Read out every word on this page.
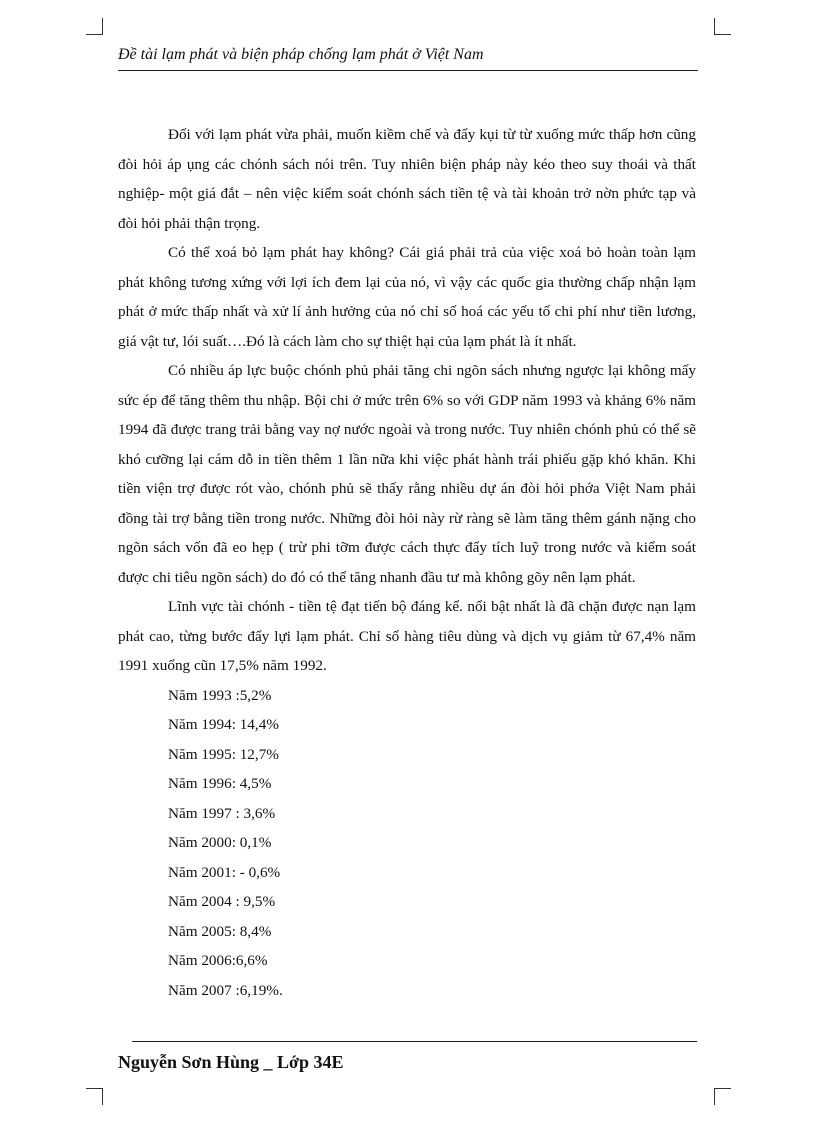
Đề tài lạm phát và biện pháp chống lạm phát ở Việt Nam

Đối với lạm phát vừa phải, muốn kiềm chế và đẩy kụi từ từ xuống mức thấp hơn cũng đòi hỏi áp ụng các chónh sách nói trên. Tuy nhiên biện pháp này kéo theo suy thoái và thất nghiệp- một giá đắt – nên việc kiểm soát chónh sách tiền tệ và tài khoản trở nờn phức tạp và đòi hỏi phải thận trọng.

Có thể xoá bỏ lạm phát hay không? Cái giá phải trả của việc xoá bỏ hoàn toàn lạm phát không tương xứng với lợi ích đem lại của nó, vì vậy các quốc gia thường chấp nhận lạm phát ở mức thấp nhất và xử lí ảnh hưởng của nó chỉ số hoá các yếu tố chi phí như tiền lương, giá vật tư, lói suất….Đó là cách làm cho sự thiệt hại của lạm phát là ít nhất.

Có nhiều áp lực buộc chónh phủ phải tăng chi ngõn sách nhưng ngược lại không mấy sức ép để tăng thêm thu nhập. Bội chi ở mức trên 6% so với GDP năm 1993 và khảng 6% năm 1994 đã được trang trải bằng vay nợ nước ngoài và trong nước. Tuy nhiên chónh phủ có thể sẽ khó cưỡng lại cám dỗ in tiền thêm 1 lần nữa khi việc phát hành trái phiếu gặp khó khăn. Khi tiền viện trợ được rót vào, chónh phủ sẽ thấy rằng nhiều dự án đòi hỏi phớa Việt Nam phải đồng tài trợ bằng tiền trong nước. Những đòi hỏi này rừ ràng sẽ làm tăng thêm gánh nặng cho ngõn sách vốn đã eo hẹp ( trừ phi tỡm được cách thực đẩy tích luỹ trong nước và kiểm soát được chi tiêu ngõn sách) do đó có thể tăng nhanh đầu tư mà không gõy nên lạm phát.

Lĩnh vực tài chónh - tiền tệ đạt tiến bộ đáng kể. nổi bật nhất là đã chặn được nạn lạm phát cao, từng bước đẩy lựi lạm phát. Chỉ số hàng tiêu dùng và dịch vụ giảm từ 67,4% năm 1991 xuống cũn 17,5% năm 1992.

Năm 1993 :5,2%
Năm 1994: 14,4%
Năm 1995: 12,7%
Năm 1996: 4,5%
Năm 1997 : 3,6%
Năm 2000: 0,1%
Năm 2001: - 0,6%
Năm 2004 : 9,5%
Năm 2005: 8,4%
Năm 2006:6,6%
Năm 2007 :6,19%.
Nguyễn Sơn Hùng _ Lớp 34E
